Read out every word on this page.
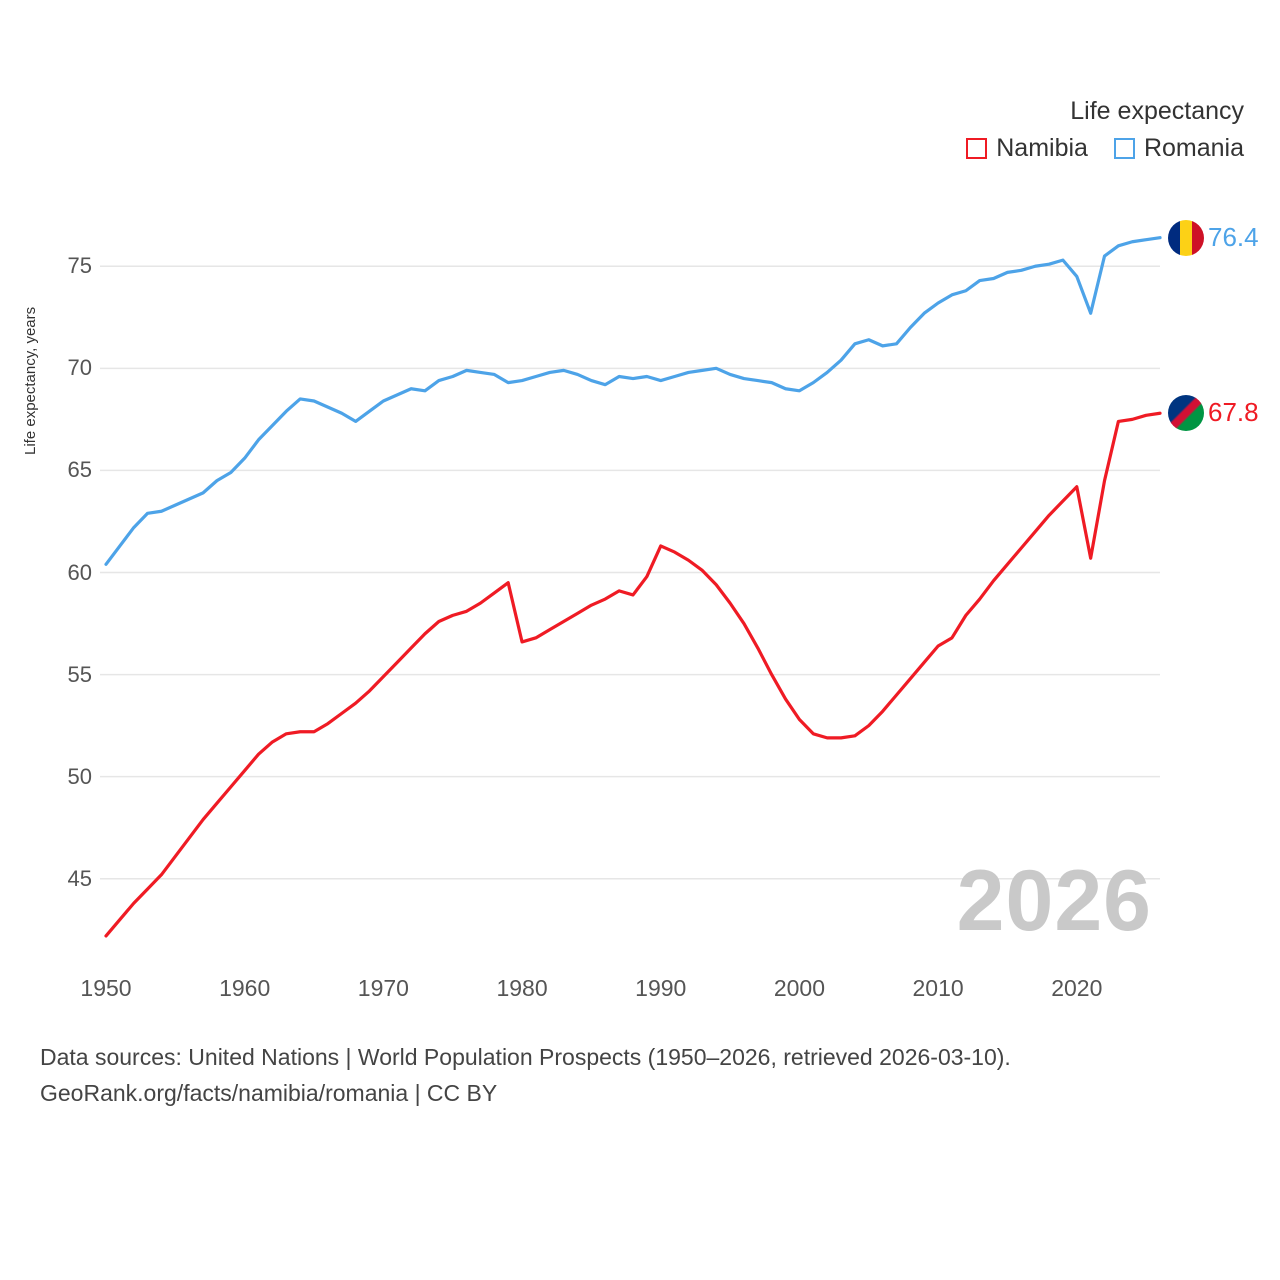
Life expectancy
Namibia Romania
Life expectancy, years
45
50
55
60
65
70
75
1950	1960	1970	1980	1990	2000	2010	2020
2026
76.4
67.8
Data sources: United Nations | World Population Prospects (1950–2026, retrieved 2026-03-10).
GeoRank.org/facts/namibia/romania | CC BY
